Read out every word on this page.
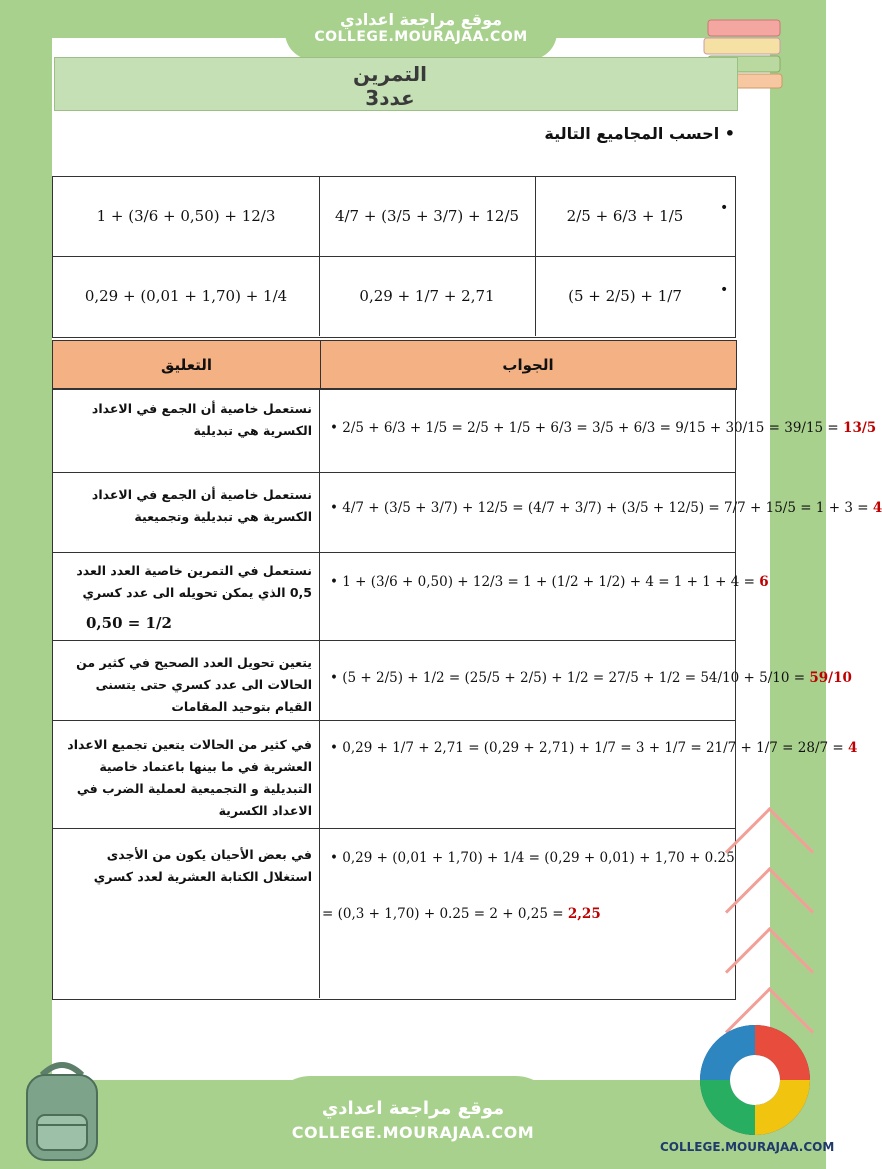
موقع مراجعة اعدادي
COLLEGE.MOURAJAA.COM
التمرين عدد3
• احسب المجاميع التالية
2/5 + 6/3 + 1/5	•
4/7 + (3/5 + 3/7) + 12/5
1 + (3/6 + 0,50) + 12/3
(5 + 2/5) + 1/7	•
0,29 + 1/7 + 2,71
0,29 + (0,01 + 1,70) + 1/4
الجواب
التعليق
• 2/5 + 6/3 + 1/5 = 2/5 + 1/5 + 6/3 = 3/5 + 6/3 = 9/15 + 30/15 = 39/15 = 13/5
نستعمل خاصية أن الجمع في الاعداد الكسرية هي تبديلية
• 4/7 + (3/5 + 3/7) + 12/5 = (4/7 + 3/7) + (3/5 + 12/5) = 7/7 + 15/5 = 1 + 3 = 4
نستعمل خاصية أن الجمع في الاعداد الكسرية هي تبديلية وتجميعية
• 1 + (3/6 + 0,50) + 12/3 = 1 + (1/2 + 1/2) + 4 = 1 + 1 + 4 = 6
نستعمل في التمرين خاصية العدد العدد 0,5 الذي يمكن تحويله الى عدد كسري
0,50 = 1/2
• (5 + 2/5) + 1/2 = (25/5 + 2/5) + 1/2 = 27/5 + 1/2 = 54/10 + 5/10 = 59/10
يتعين تحويل العدد الصحيح في كثير من الحالات الى عدد كسري حتى يتسنى القيام بتوحيد المقامات
• 0,29 + 1/7 + 2,71 = (0,29 + 2,71) + 1/7 = 3 + 1/7 = 21/7 + 1/7 = 28/7 = 4
في كثير من الحالات يتعين تجميع الاعداد العشرية في ما بينها باعتماد خاصية التبديلية و التجميعية لعملية الضرب في الاعداد الكسرية
• 0,29 + (0,01 + 1,70) + 1/4 = (0,29 + 0,01) + 1,70 + 0.25
= (0,3 + 1,70) + 0.25 = 2 + 0,25 = 2,25
في بعض الأحيان يكون من الأجدى استغلال الكتابة العشرية لعدد كسري
موقع مراجعة اعدادي
COLLEGE.MOURAJAA.COM
COLLEGE.MOURAJAA.COM
